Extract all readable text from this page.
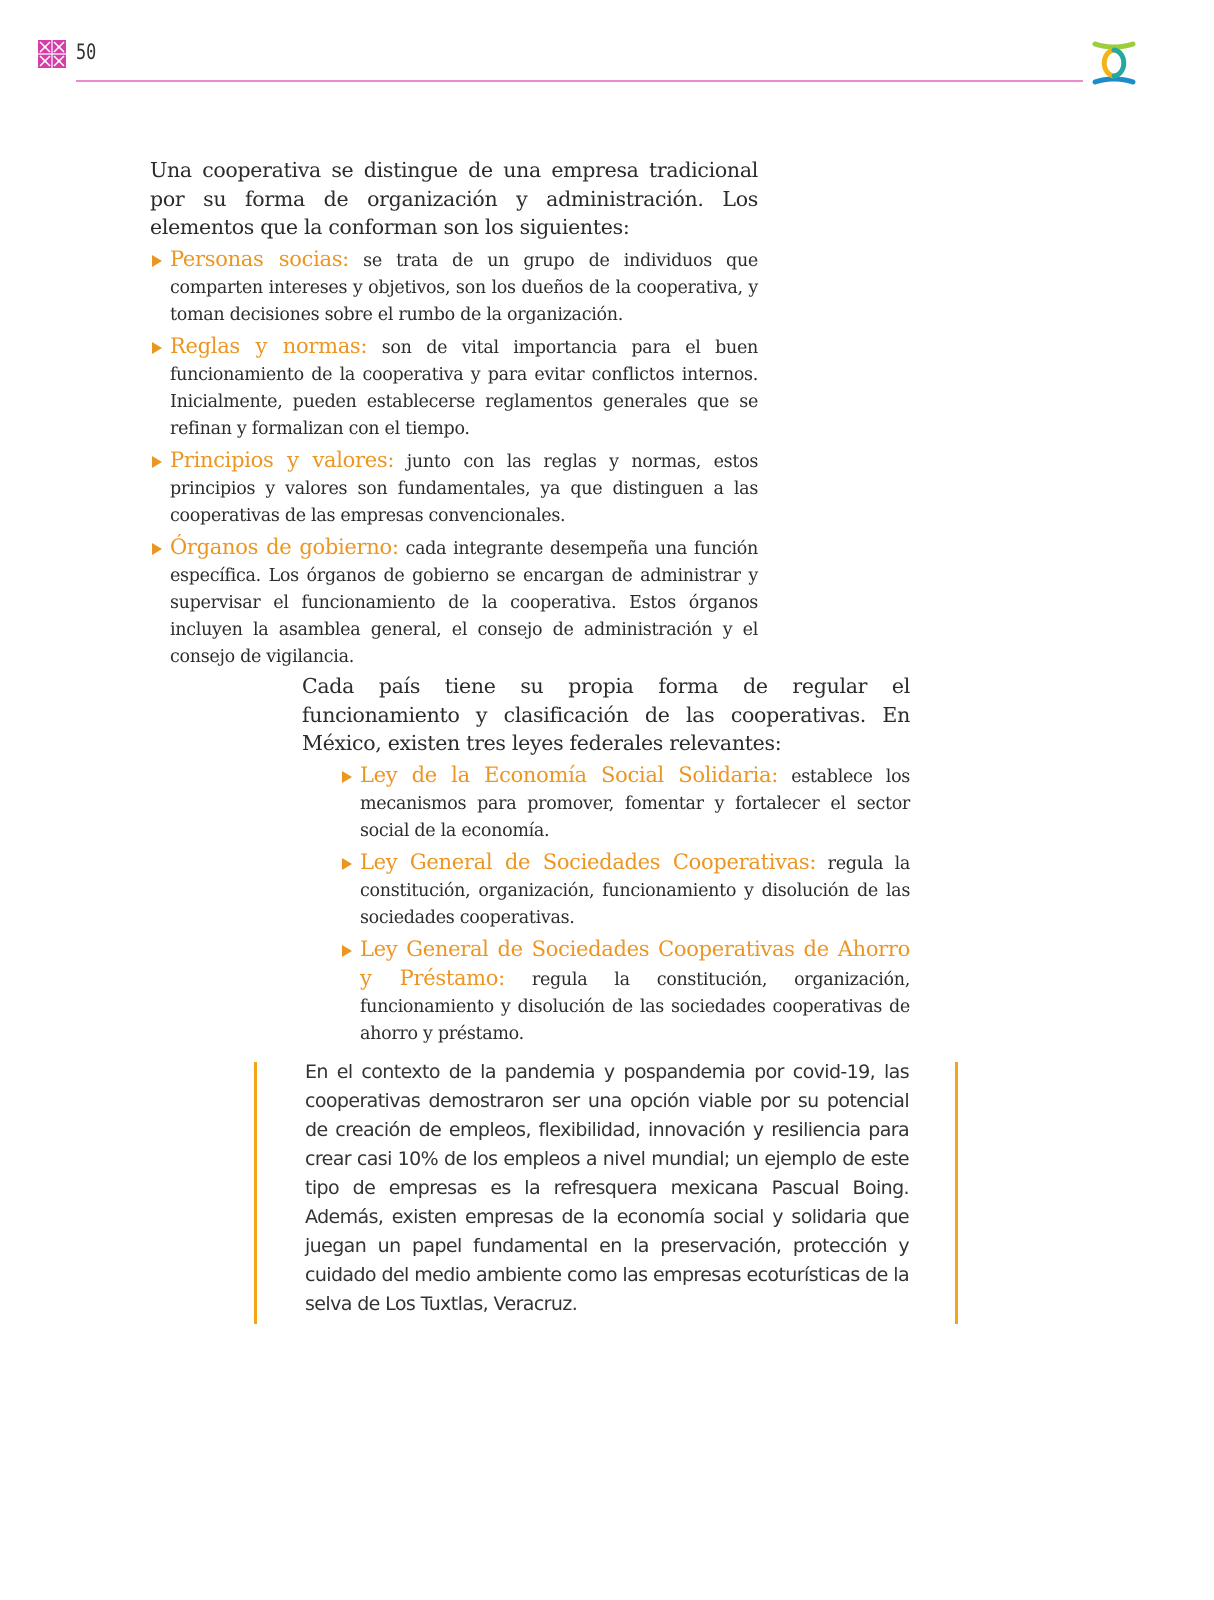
50

Una cooperativa se distingue de una empresa tradicional por su forma de organización y administración. Los elementos que la conforman son los siguientes:

Personas socias: se trata de un grupo de individuos que comparten intereses y objetivos, son los dueños de la cooperativa, y toman decisiones sobre el rumbo de la organización.
Reglas y normas: son de vital importancia para el buen funcionamiento de la cooperativa y para evitar conflictos internos. Inicialmente, pueden establecerse reglamentos generales que se refinan y formalizan con el tiempo.
Principios y valores: junto con las reglas y normas, estos principios y valores son fundamentales, ya que distinguen a las cooperativas de las empresas convencionales.
Órganos de gobierno: cada integrante desempeña una función específica. Los órganos de gobierno se encargan de administrar y supervisar el funcionamiento de la cooperativa. Estos órganos incluyen la asamblea general, el consejo de administración y el consejo de vigilancia.

Cada país tiene su propia forma de regular el funcionamiento y clasificación de las cooperativas. En México, existen tres leyes federales relevantes:

Ley de la Economía Social Solidaria: establece los mecanismos para promover, fomentar y fortalecer el sector social de la economía.
Ley General de Sociedades Cooperativas: regula la constitución, organización, funcionamiento y disolución de las sociedades cooperativas.
Ley General de Sociedades Cooperativas de Ahorro y Préstamo: regula la constitución, organización, funcionamiento y disolución de las sociedades cooperativas de ahorro y préstamo.

En el contexto de la pandemia y pospandemia por covid-19, las cooperativas demostraron ser una opción viable por su potencial de creación de empleos, flexibilidad, innovación y resiliencia para crear casi 10% de los empleos a nivel mundial; un ejemplo de este tipo de empresas es la refresquera mexicana Pascual Boing. Además, existen empresas de la economía social y solidaria que juegan un papel fundamental en la preservación, protección y cuidado del medio ambiente como las empresas ecoturísticas de la selva de Los Tuxtlas, Veracruz.
